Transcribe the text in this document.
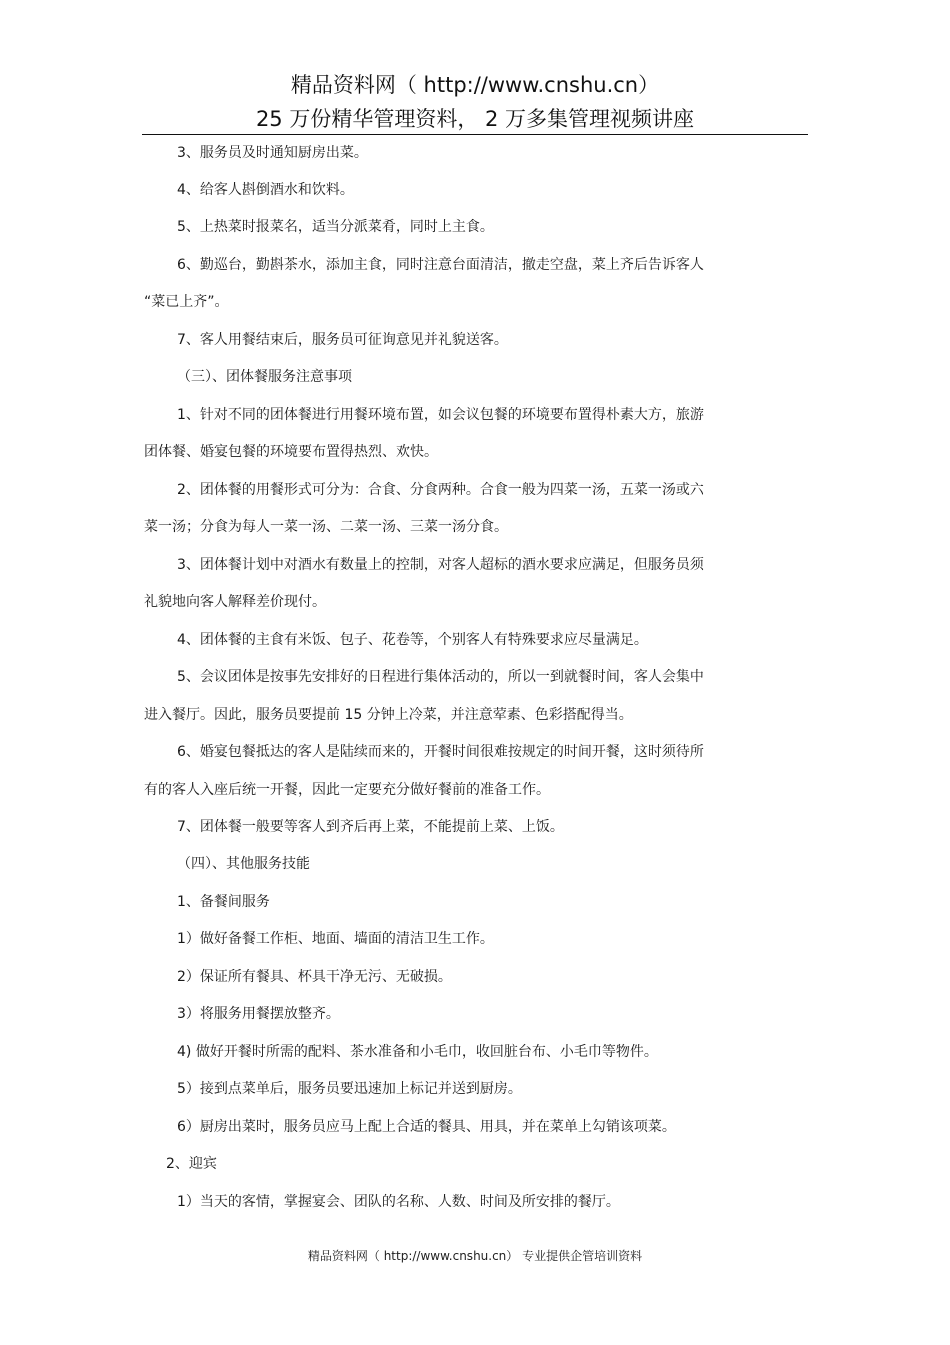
精品资料网（ http://www.cnshu.cn）
25 万份精华管理资料， 2 万多集管理视频讲座
3、服务员及时通知厨房出菜。
4、给客人斟倒酒水和饮料。
5、上热菜时报菜名，适当分派菜肴，同时上主食。
6、勤巡台，勤斟茶水，添加主食，同时注意台面清洁，撤走空盘，菜上齐后告诉客人
“菜已上齐”。
7、客人用餐结束后，服务员可征询意见并礼貌送客。
（三）、团体餐服务注意事项
1、针对不同的团体餐进行用餐环境布置，如会议包餐的环境要布置得朴素大方，旅游
团体餐、婚宴包餐的环境要布置得热烈、欢快。
2、团体餐的用餐形式可分为：合食、分食两种。合食一般为四菜一汤，五菜一汤或六
菜一汤；分食为每人一菜一汤、二菜一汤、三菜一汤分食。
3、团体餐计划中对酒水有数量上的控制，对客人超标的酒水要求应满足，但服务员须
礼貌地向客人解释差价现付。
4、团体餐的主食有米饭、包子、花卷等，个别客人有特殊要求应尽量满足。
5、会议团体是按事先安排好的日程进行集体活动的，所以一到就餐时间，客人会集中
进入餐厅。因此，服务员要提前 15 分钟上冷菜，并注意荤素、色彩搭配得当。
6、婚宴包餐抵达的客人是陆续而来的，开餐时间很难按规定的时间开餐，这时须待所
有的客人入座后统一开餐，因此一定要充分做好餐前的准备工作。
7、团体餐一般要等客人到齐后再上菜，不能提前上菜、上饭。
（四）、其他服务技能
1、备餐间服务
1）做好备餐工作柜、地面、墙面的清洁卫生工作。
2）保证所有餐具、杯具干净无污、无破损。
3）将服务用餐摆放整齐。
4) 做好开餐时所需的配料、茶水准备和小毛巾，收回脏台布、小毛巾等物件。
5）接到点菜单后，服务员要迅速加上标记并送到厨房。
6）厨房出菜时，服务员应马上配上合适的餐具、用具，并在菜单上勾销该项菜。
2、迎宾
1）当天的客情，掌握宴会、团队的名称、人数、时间及所安排的餐厅。
精品资料网（ http://www.cnshu.cn） 专业提供企管培训资料
